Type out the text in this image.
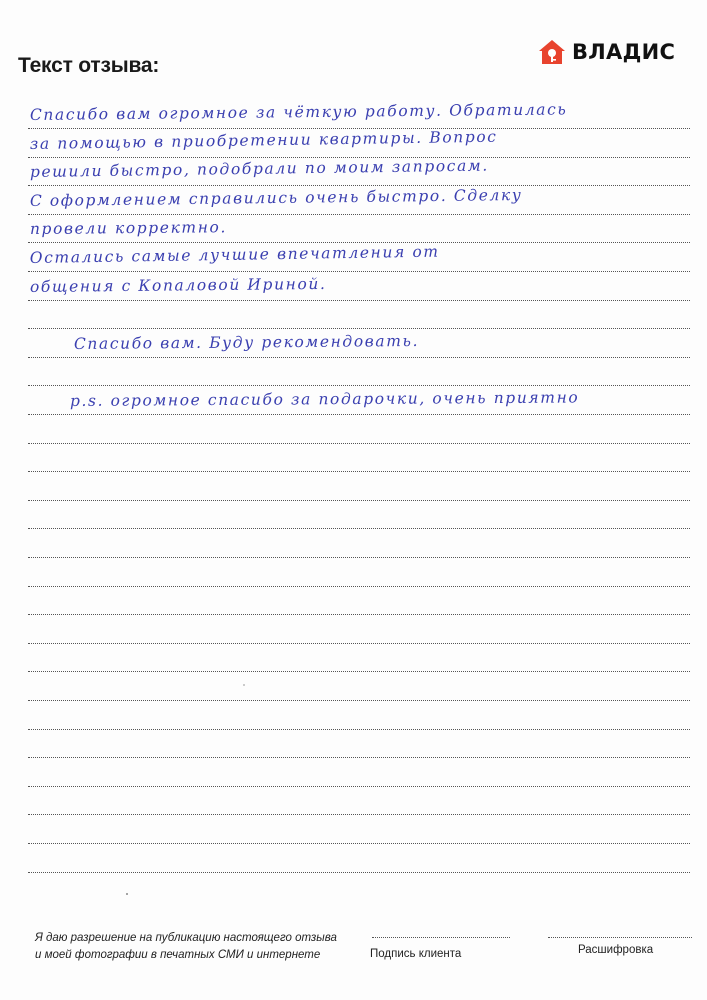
Текст отзыва:
ВЛАДИС
Спасибо вам огромное за чёткую работу. Обратилась
за помощью в приобретении квартиры. Вопрос
решили быстро, подобрали по моим запросам.
С оформлением справились очень быстро. Сделку
провели корректно.
Остались самые лучшие впечатления от
общения с Копаловой Ириной.
Спасибо вам. Буду рекомендовать.
p.s. огромное спасибо за подарочки, очень приятно
Я даю разрешение на публикацию настоящего отзыва
и моей фотографии в печатных СМИ и интернете	Подпись клиента	Расшифровка
